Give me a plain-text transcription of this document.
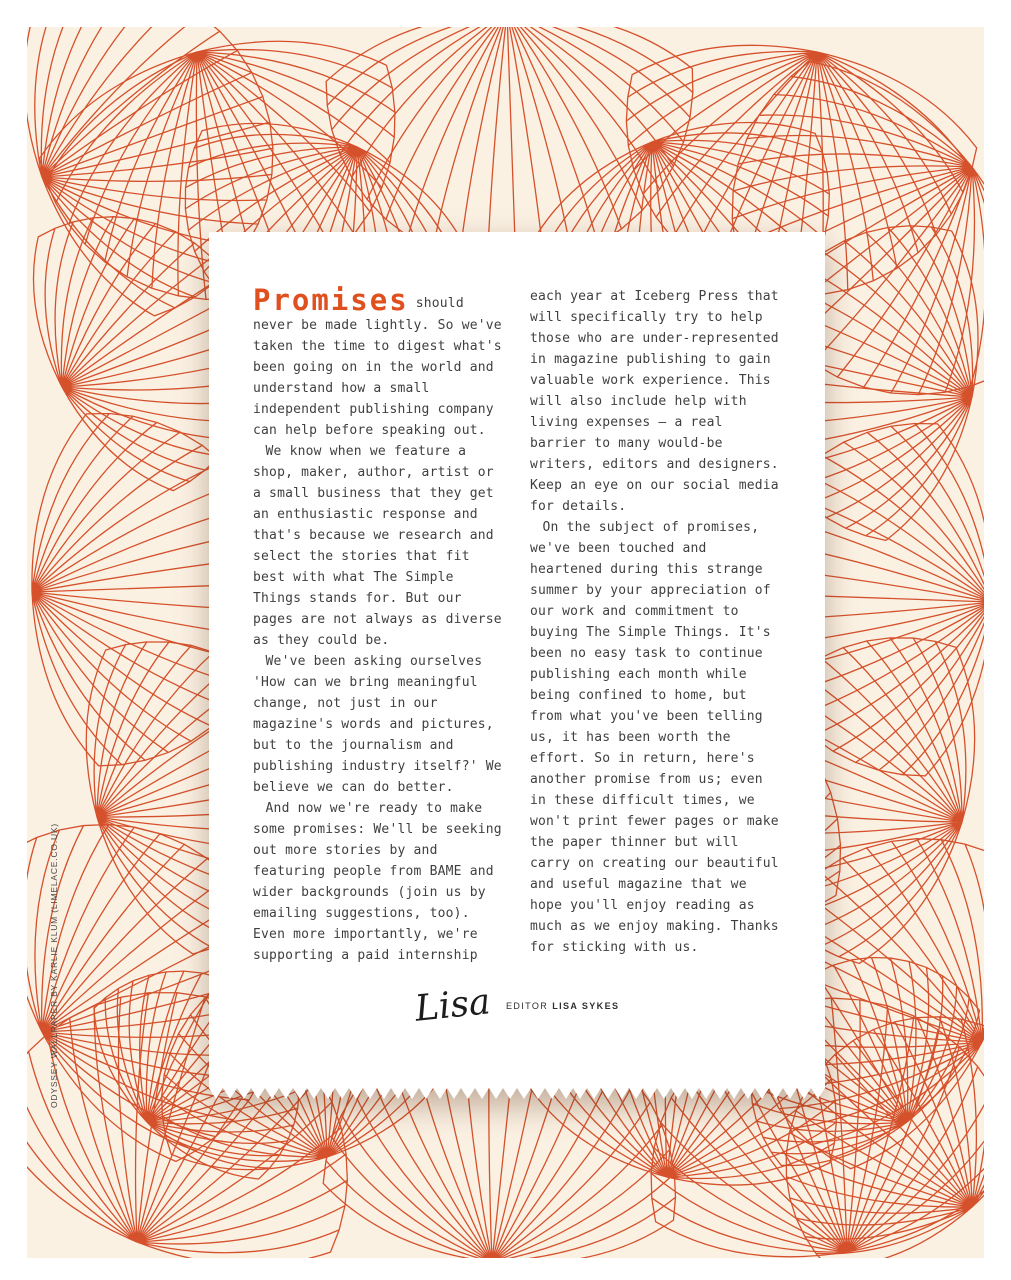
ODYSSEY WALLPAPER BY KARLIE KLUM (LIMELACE.CO.UK)

Promises should never be made lightly. So we've taken the time to digest what's been going on in the world and understand how a small independent publishing company can help before speaking out.

We know when we feature a shop, maker, author, artist or a small business that they get an enthusiastic response and that's because we research and select the stories that fit best with what The Simple Things stands for. But our pages are not always as diverse as they could be.

We've been asking ourselves 'How can we bring meaningful change, not just in our magazine's words and pictures, but to the journalism and publishing industry itself?' We believe we can do better.

And now we're ready to make some promises: We'll be seeking out more stories by and featuring people from BAME and wider backgrounds (join us by emailing suggestions, too). Even more importantly, we're supporting a paid internship

each year at Iceberg Press that will specifically try to help those who are under-represented in magazine publishing to gain valuable work experience. This will also include help with living expenses – a real barrier to many would-be writers, editors and designers. Keep an eye on our social media for details.

On the subject of promises, we've been touched and heartened during this strange summer by your appreciation of our work and commitment to buying The Simple Things. It's been no easy task to continue publishing each month while being confined to home, but from what you've been telling us, it has been worth the effort. So in return, here's another promise from us; even in these difficult times, we won't print fewer pages or make the paper thinner but will carry on creating our beautiful and useful magazine that we hope you'll enjoy reading as much as we enjoy making. Thanks for sticking with us.

Lisa EDITOR LISA SYKES
